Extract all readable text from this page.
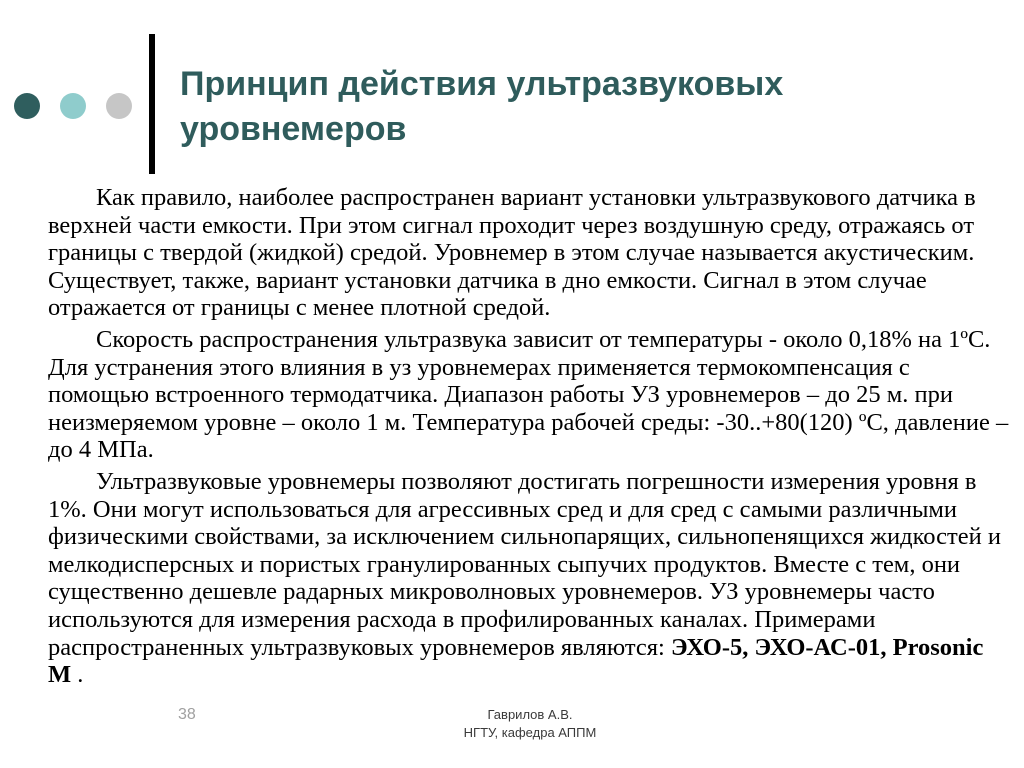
Принцип действия ультразвуковых уровнемеров

Как правило, наиболее распространен вариант установки ультразвукового датчика в верхней части емкости. При этом сигнал проходит через воздушную среду, отражаясь от границы с твердой (жидкой) средой. Уровнемер в этом случае называется акустическим. Существует, также, вариант установки датчика в дно емкости. Сигнал в этом случае отражается от границы с менее плотной средой.

Скорость распространения ультразвука зависит от температуры - около 0,18% на 1ºС. Для устранения этого влияния в уз уровнемерах применяется термокомпенсация с помощью встроенного термодатчика. Диапазон работы УЗ уровнемеров – до 25 м. при неизмеряемом уровне – около 1 м. Температура рабочей среды: -30..+80(120) ºС, давление – до 4 МПа.

Ультразвуковые уровнемеры позволяют достигать погрешности измерения уровня в 1%. Они могут использоваться для агрессивных сред и для сред с самыми различными физическими свойствами, за исключением сильнопарящих, сильнопенящихся жидкостей и мелкодисперсных и пористых гранулированных сыпучих продуктов. Вместе с тем, они существенно дешевле радарных микроволновых уровнемеров. УЗ уровнемеры часто используются для измерения расхода в профилированных каналах. Примерами распространенных ультразвуковых уровнемеров являются: ЭХО-5, ЭХО-АС-01, Prosonic M .

38	Гаврилов А.В.
НГТУ, кафедра АППМ
